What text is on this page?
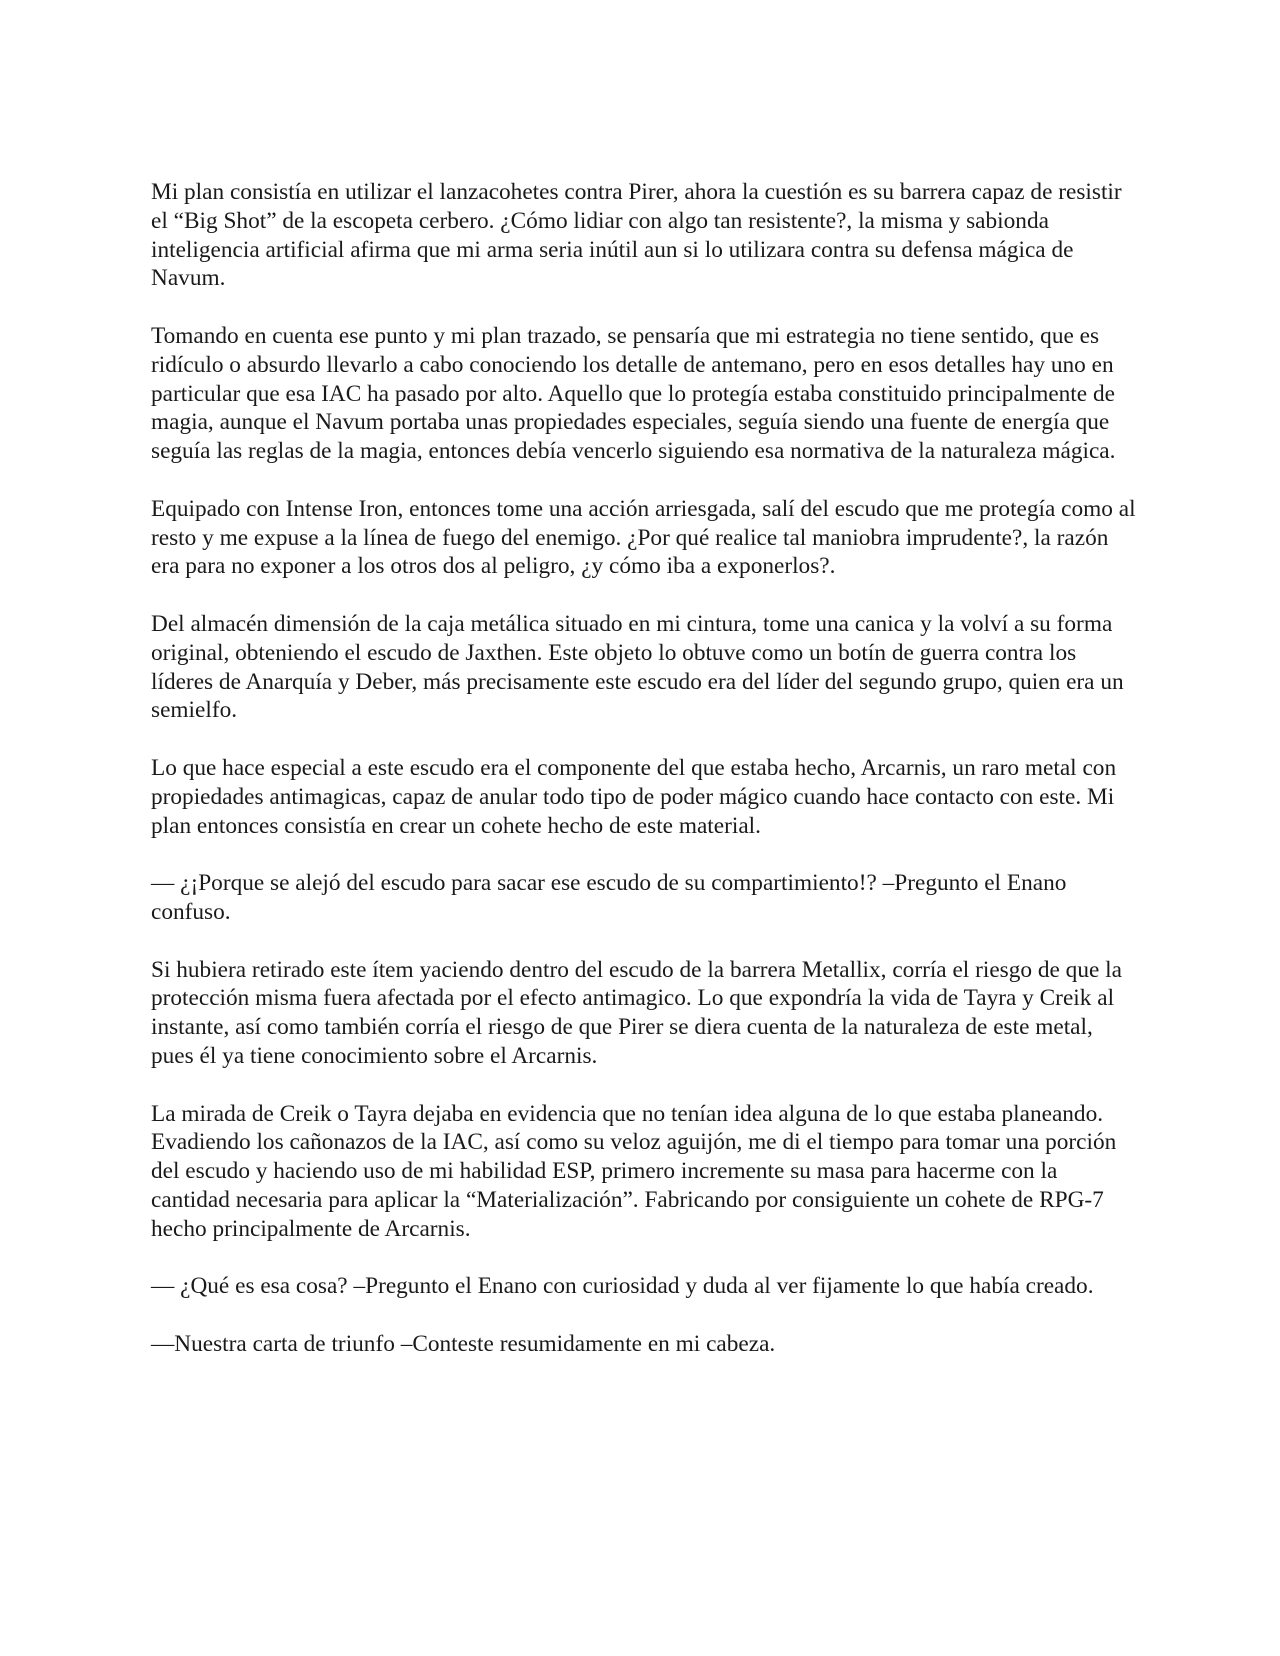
Mi plan consistía en utilizar el lanzacohetes contra Pirer, ahora la cuestión es su barrera capaz de resistir el “Big Shot” de la escopeta cerbero. ¿Cómo lidiar con algo tan resistente?, la misma y sabionda inteligencia artificial afirma que mi arma seria inútil aun si lo utilizara contra su defensa mágica de Navum.

Tomando en cuenta ese punto y mi plan trazado, se pensaría que mi estrategia no tiene sentido, que es ridículo o absurdo llevarlo a cabo conociendo los detalle de antemano, pero en esos detalles hay uno en particular que esa IAC ha pasado por alto. Aquello que lo protegía estaba constituido principalmente de magia, aunque el Navum portaba unas propiedades especiales, seguía siendo una fuente de energía que seguía las reglas de la magia, entonces debía vencerlo siguiendo esa normativa de la naturaleza mágica.

Equipado con Intense Iron, entonces tome una acción arriesgada, salí del escudo que me protegía como al resto y me expuse a la línea de fuego del enemigo. ¿Por qué realice tal maniobra imprudente?, la razón era para no exponer a los otros dos al peligro, ¿y cómo iba a exponerlos?.

Del almacén dimensión de la caja metálica situado en mi cintura, tome una canica y la volví a su forma original, obteniendo el escudo de Jaxthen. Este objeto lo obtuve como un botín de guerra contra los líderes de Anarquía y Deber, más precisamente este escudo era del líder del segundo grupo, quien era un semielfo.

Lo que hace especial a este escudo era el componente del que estaba hecho, Arcarnis, un raro metal con propiedades antimagicas, capaz de anular todo tipo de poder mágico cuando hace contacto con este. Mi plan entonces consistía en crear un cohete hecho de este material.

— ¿¡Porque se alejó del escudo para sacar ese escudo de su compartimiento!? –Pregunto el Enano confuso.

Si hubiera retirado este ítem yaciendo dentro del escudo de la barrera Metallix, corría el riesgo de que la protección misma fuera afectada por el efecto antimagico. Lo que expondría la vida de Tayra y Creik al instante, así como también corría el riesgo de que Pirer se diera cuenta de la naturaleza de este metal, pues él ya tiene conocimiento sobre el Arcarnis.

La mirada de Creik o Tayra dejaba en evidencia que no tenían idea alguna de lo que estaba planeando. Evadiendo los cañonazos de la IAC, así como su veloz aguijón, me di el tiempo para tomar una porción del escudo y haciendo uso de mi habilidad ESP, primero incremente su masa para hacerme con la cantidad necesaria para aplicar la “Materialización”. Fabricando por consiguiente un cohete de RPG-7 hecho principalmente de Arcarnis.

— ¿Qué es esa cosa? –Pregunto el Enano con curiosidad y duda al ver fijamente lo que había creado.

—Nuestra carta de triunfo –Conteste resumidamente en mi cabeza.
